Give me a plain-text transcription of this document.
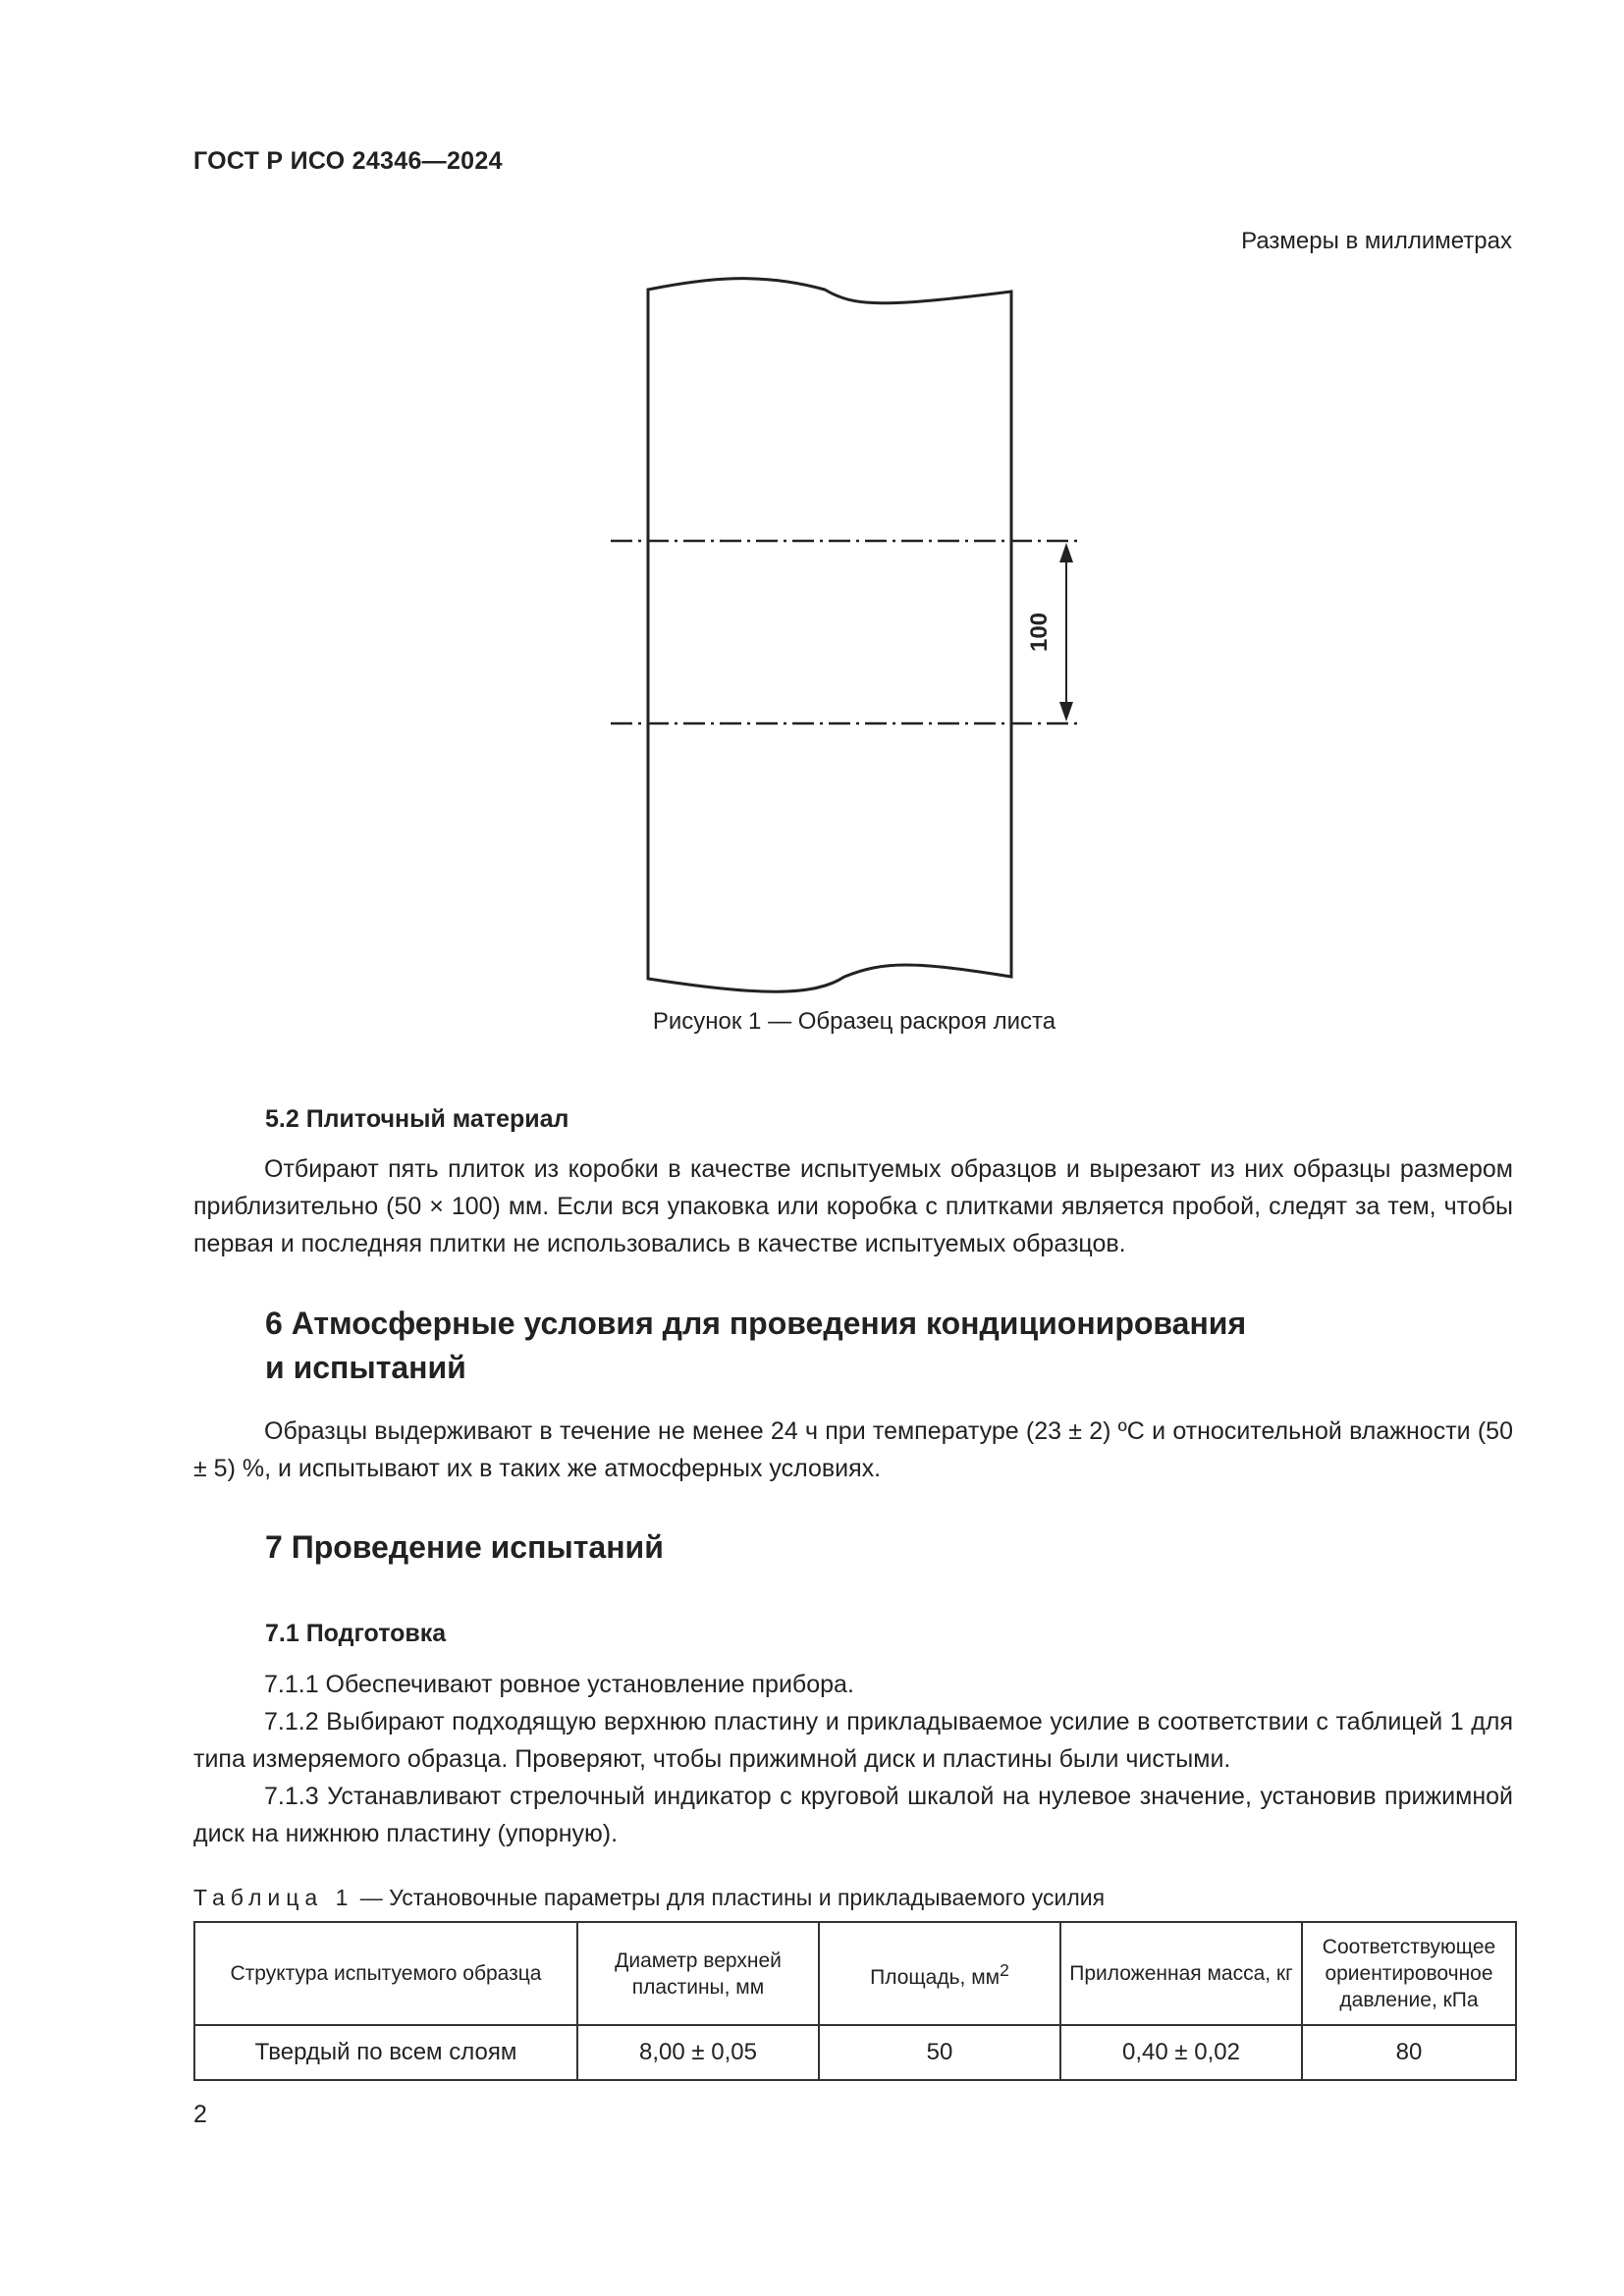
ГОСТ Р ИСО 24346—2024
Размеры в миллиметрах
100
Рисунок 1 — Образец раскроя листа
5.2 Плиточный материал
Отбирают пять плиток из коробки в качестве испытуемых образцов и вырезают из них образцы размером приблизительно (50 × 100) мм. Если вся упаковка или коробка с плитками является пробой, следят за тем, чтобы первая и последняя плитки не использовались в качестве испытуемых образцов.
6 Атмосферные условия для проведения кондиционирования
и испытаний
Образцы выдерживают в течение не менее 24 ч при температуре (23 ± 2) ºС и относительной влажности (50 ± 5) %, и испытывают их в таких же атмосферных условиях.
7 Проведение испытаний
7.1 Подготовка
7.1.1 Обеспечивают ровное установление прибора.
7.1.2 Выбирают подходящую верхнюю пластину и прикладываемое усилие в соответствии с таблицей 1 для типа измеряемого образца. Проверяют, чтобы прижимной диск и пластины были чистыми.
7.1.3 Устанавливают стрелочный индикатор с круговой шкалой на нулевое значение, установив прижимной диск на нижнюю пластину (упорную).
Таблица 1 — Установочные параметры для пластины и прикладываемого усилия
Структура испытуемого образца	Диаметр верхней пластины, мм	Площадь, $мм^2$	Приложенная масса, кг	Соответствующее ориентировочное давление, кПа
Твердый по всем слоям	8,00 ± 0,05	50	0,40 ± 0,02	80
2
